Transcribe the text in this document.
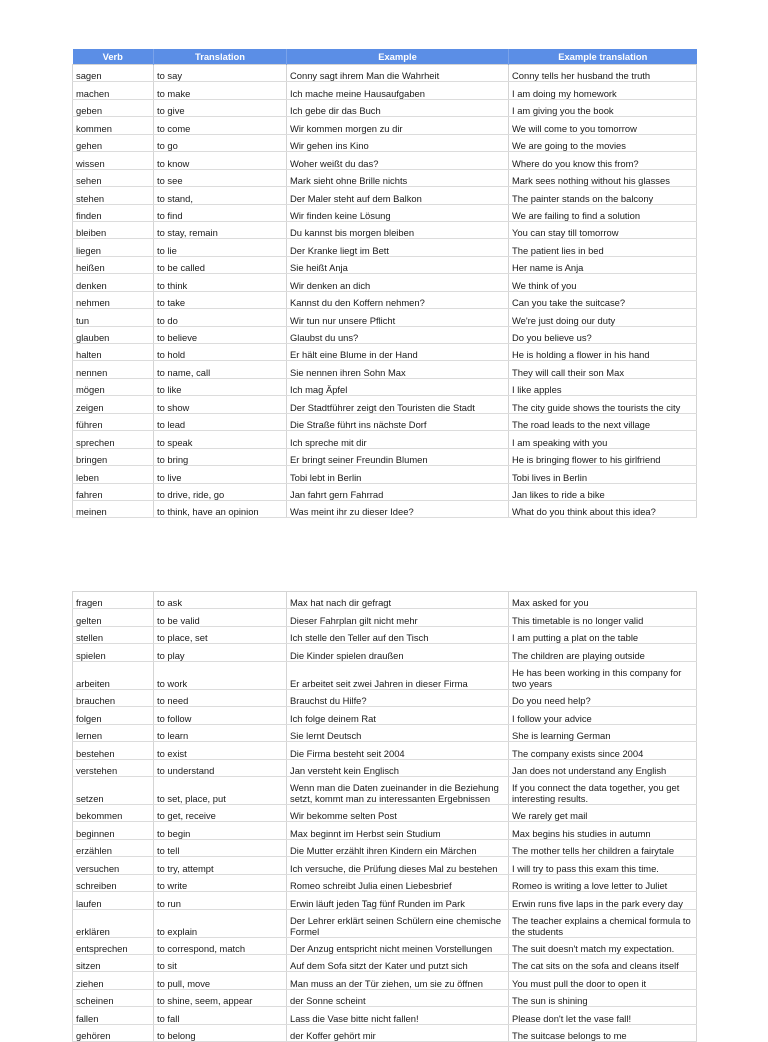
Verb	Translation	Example	Example translation
sagen	to say	Conny sagt ihrem Man die Wahrheit	Conny tells her husband the truth
machen	to make	Ich mache meine Hausaufgaben	I am doing my homework
geben	to give	Ich gebe dir das Buch	I am giving you the book
kommen	to come	Wir kommen morgen zu dir	We will come to you tomorrow
gehen	to go	Wir gehen ins Kino	We are going to the movies
wissen	to know	Woher weißt du das?	Where do you know this from?
sehen	to see	Mark sieht ohne Brille nichts	Mark sees nothing without his glasses
stehen	to stand,	Der Maler steht auf dem Balkon	The painter stands on the balcony
finden	to find	Wir finden keine Lösung	We are failing to find a solution
bleiben	to stay, remain	Du kannst bis morgen bleiben	You can stay till tomorrow
liegen	to lie	Der Kranke liegt im Bett	The patient lies in bed
heißen	to be called	Sie heißt Anja	Her name is Anja
denken	to think	Wir denken an dich	We think of you
nehmen	to take	Kannst du den Koffern nehmen?	Can you take the suitcase?
tun	to do	Wir tun nur unsere Pflicht	We're just doing our duty
glauben	to believe	Glaubst du uns?	Do you believe us?
halten	to hold	Er hält eine Blume in der Hand	He is holding a flower in his hand
nennen	to name, call	Sie nennen ihren Sohn Max	They will call their son Max
mögen	to like	Ich mag Äpfel	I like apples
zeigen	to show	Der Stadtführer zeigt den Touristen die Stadt	The city guide shows the tourists the city
führen	to lead	Die Straße führt ins nächste Dorf	The road leads to the next village
sprechen	to speak	Ich spreche mit dir	I am speaking with you
bringen	to bring	Er bringt seiner Freundin Blumen	He is bringing flower to his girlfriend
leben	to live	Tobi lebt in Berlin	Tobi lives in Berlin
fahren	to drive, ride, go	Jan fahrt gern Fahrrad	Jan likes to ride a bike
meinen	to think, have an opinion	Was meint ihr zu dieser Idee?	What do you think about this idea?
fragen	to ask	Max hat nach dir gefragt	Max asked for you
gelten	to be valid	Dieser Fahrplan gilt nicht mehr	This timetable is no longer valid
stellen	to place, set	Ich stelle den Teller auf den Tisch	I am putting a plat on the table
spielen	to play	Die Kinder spielen draußen	The children are playing outside
arbeiten	to work	Er arbeitet seit zwei Jahren in dieser Firma	He has been working in this company for two years
brauchen	to need	Brauchst du Hilfe?	Do you need help?
folgen	to follow	Ich folge deinem Rat	I follow your advice
lernen	to learn	Sie lernt Deutsch	She is learning German
bestehen	to exist	Die Firma besteht seit 2004	The company exists since 2004
verstehen	to understand	Jan versteht kein Englisch	Jan does not understand any English
setzen	to set, place, put	Wenn man die Daten zueinander in die Beziehung setzt, kommt man zu interessanten Ergebnissen	If you connect the data together, you get interesting results.
bekommen	to get, receive	Wir bekomme selten Post	We rarely get mail
beginnen	to begin	Max beginnt im Herbst sein Studium	Max begins his studies in autumn
erzählen	to tell	Die Mutter erzählt ihren Kindern ein Märchen	The mother tells her children a fairytale
versuchen	to try, attempt	Ich versuche, die Prüfung dieses Mal zu bestehen	I will try to pass this exam this time.
schreiben	to write	Romeo schreibt Julia einen Liebesbrief	Romeo is writing a love letter to Juliet
laufen	to run	Erwin läuft jeden Tag fünf Runden im Park	Erwin runs five laps in the park every day
erklären	to explain	Der Lehrer erklärt seinen Schülern eine chemische Formel	The teacher explains a chemical formula to the students
entsprechen	to correspond, match	Der Anzug entspricht nicht meinen Vorstellungen	The suit doesn't match my expectation.
sitzen	to sit	Auf dem Sofa sitzt der Kater und putzt sich	The cat sits on the sofa and cleans itself
ziehen	to pull, move	Man muss an der Tür ziehen, um sie zu öffnen	You must pull the door to open it
scheinen	to shine, seem, appear	der Sonne scheint	The sun is shining
fallen	to fall	Lass die Vase bitte nicht fallen!	Please don't let the vase fall!
gehören	to belong	der Koffer gehört mir	The suitcase belongs to me
